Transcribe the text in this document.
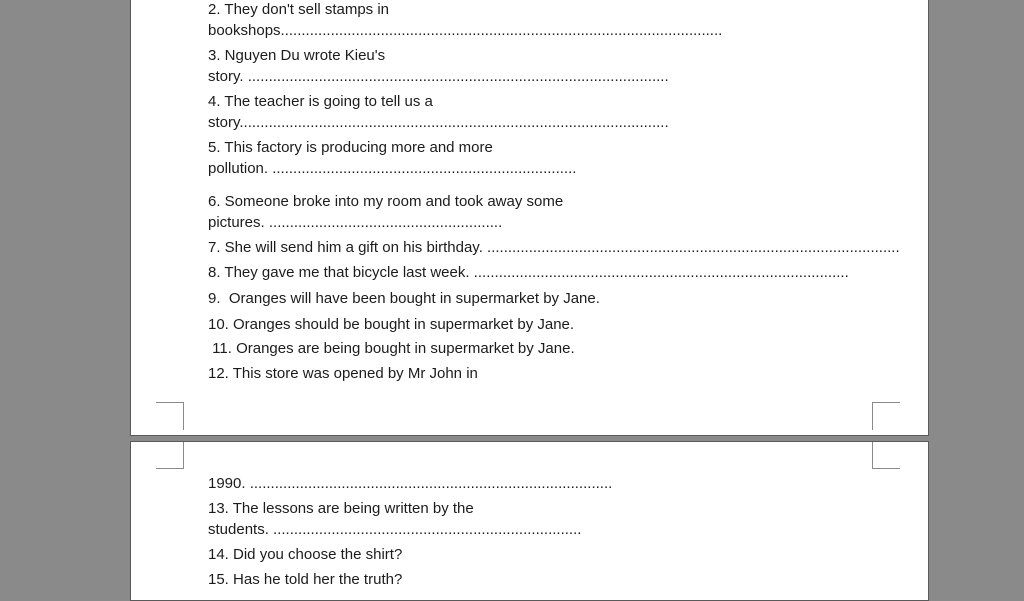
2. They don't sell stamps in
bookshops..........................................................................................................
3. Nguyen Du wrote Kieu's
story. .....................................................................................................
4. The teacher is going to tell us a
story.......................................................................................................
5. This factory is producing more and more
pollution. .........................................................................
6. Someone broke into my room and took away some
pictures. ........................................................
7. She will send him a gift on his birthday. ...................................................................................................
8. They gave me that bicycle last week. ..........................................................................................
9.  Oranges will have been bought in supermarket by Jane.
10. Oranges should be bought in supermarket by Jane.
11. Oranges are being bought in supermarket by Jane.
12. This store was opened by Mr John in
1990. .......................................................................................
13. The lessons are being written by the
students. ..........................................................................
14. Did you choose the shirt?
15. Has he told her the truth?
